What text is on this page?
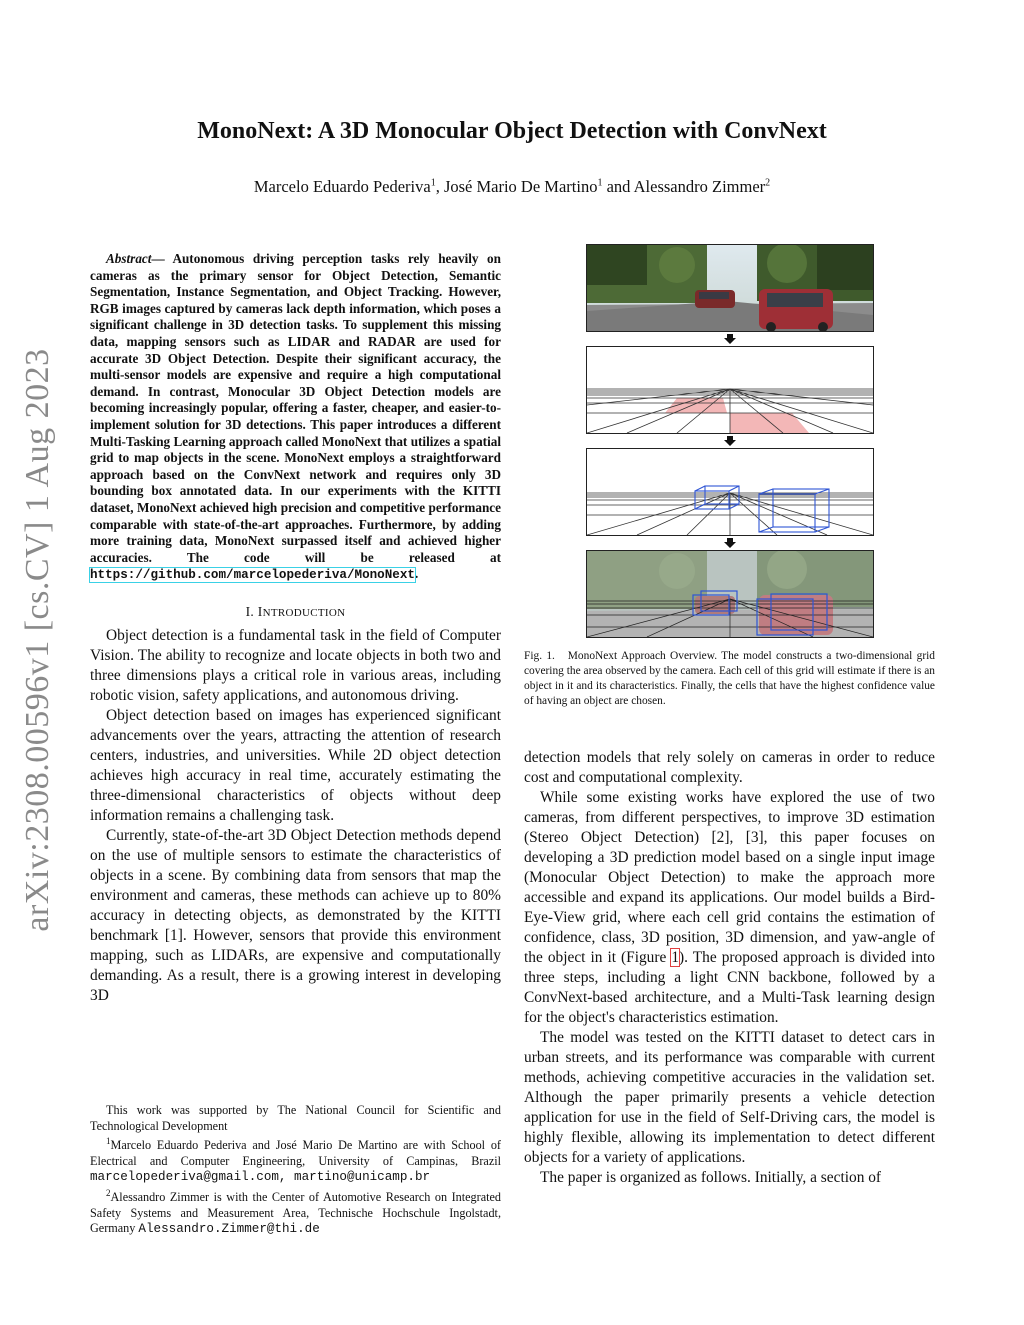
arXiv:2308.00596v1 [cs.CV] 1 Aug 2023
MonoNext: A 3D Monocular Object Detection with ConvNext
Marcelo Eduardo Pederiva$^1$, José Mario De Martino$^1$ and Alessandro Zimmer$^2$

Abstract— Autonomous driving perception tasks rely heavily on cameras as the primary sensor for Object Detection, Semantic Segmentation, Instance Segmentation, and Object Tracking. However, RGB images captured by cameras lack depth information, which poses a significant challenge in 3D detection tasks. To supplement this missing data, mapping sensors such as LIDAR and RADAR are used for accurate 3D Object Detection. Despite their significant accuracy, the multi-sensor models are expensive and require a high computational demand. In contrast, Monocular 3D Object Detection models are becoming increasingly popular, offering a faster, cheaper, and easier-to-implement solution for 3D detections. This paper introduces a different Multi-Tasking Learning approach called MonoNext that utilizes a spatial grid to map objects in the scene. MonoNext employs a straightforward approach based on the ConvNext network and requires only 3D bounding box annotated data. In our experiments with the KITTI dataset, MonoNext achieved high precision and competitive performance comparable with state-of-the-art approaches. Furthermore, by adding more training data, MonoNext surpassed itself and achieved higher accuracies. The code will be released at https://github.com/marcelopederiva/MonoNext.

I. INTRODUCTION

Object detection is a fundamental task in the field of Computer Vision. The ability to recognize and locate objects in both two and three dimensions plays a critical role in various areas, including robotic vision, safety applications, and autonomous driving.

Object detection based on images has experienced significant advancements over the years, attracting the attention of research centers, industries, and universities. While 2D object detection achieves high accuracy in real time, accurately estimating the three-dimensional characteristics of objects without deep information remains a challenging task.

Currently, state-of-the-art 3D Object Detection methods depend on the use of multiple sensors to estimate the characteristics of objects in a scene. By combining data from sensors that map the environment and cameras, these methods can achieve up to 80% accuracy in detecting objects, as demonstrated by the KITTI benchmark [1]. However, sensors that provide this environment mapping, such as LIDARs, are expensive and computationally demanding. As a result, there is a growing interest in developing 3D

This work was supported by The National Council for Scientific and Technological Development

$^1$Marcelo Eduardo Pederiva and José Mario De Martino are with School of Electrical and Computer Engineering, University of Campinas, Brazil marcelopederiva@gmail.com, martino@unicamp.br

$^2$Alessandro Zimmer is with the Center of Automotive Research on Integrated Safety Systems and Measurement Area, Technische Hochschule Ingolstadt, Germany Alessandro.Zimmer@thi.de

Fig. 1. MonoNext Approach Overview. The model constructs a two-dimensional grid covering the area observed by the camera. Each cell of this grid will estimate if there is an object in it and its characteristics. Finally, the cells that have the highest confidence value of having an object are chosen.

detection models that rely solely on cameras in order to reduce cost and computational complexity.

While some existing works have explored the use of two cameras, from different perspectives, to improve 3D estimation (Stereo Object Detection) [2], [3], this paper focuses on developing a 3D prediction model based on a single input image (Monocular Object Detection) to make the approach more accessible and expand its applications. Our model builds a Bird-Eye-View grid, where each cell grid contains the estimation of confidence, class, 3D position, 3D dimension, and yaw-angle of the object in it (Figure 1). The proposed approach is divided into three steps, including a light CNN backbone, followed by a ConvNext-based architecture, and a Multi-Task learning design for the object's characteristics estimation.

The model was tested on the KITTI dataset to detect cars in urban streets, and its performance was comparable with current methods, achieving competitive accuracies in the validation set. Although the paper primarily presents a vehicle detection application for use in the field of Self-Driving cars, the model is highly flexible, allowing its implementation to detect different objects for a variety of applications.

The paper is organized as follows. Initially, a section of
